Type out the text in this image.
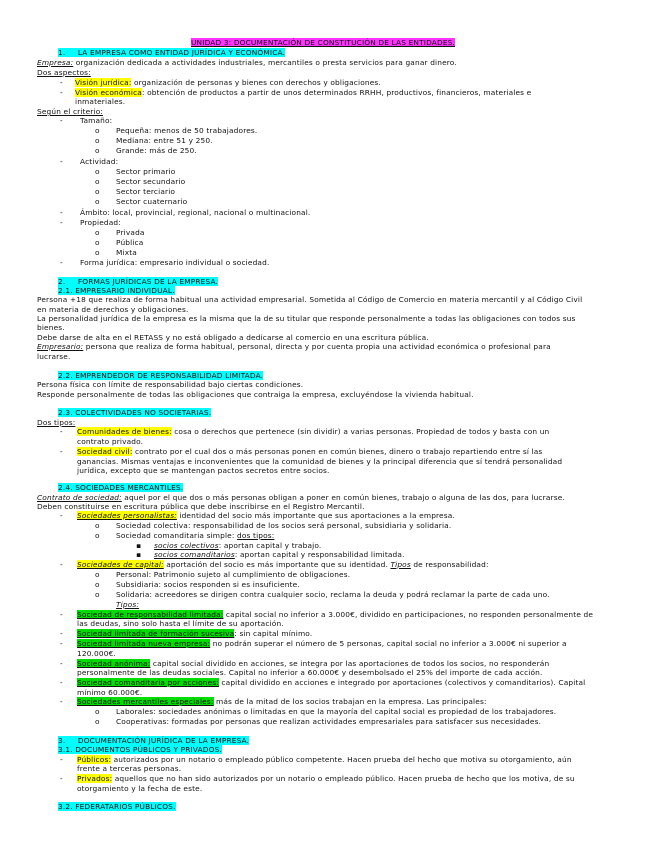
UNIDAD 3: DOCUMENTACIÓN DE CONSTITUCIÓN DE LAS ENTIDADES.
1. LA EMPRESA COMO ENTIDAD JURÍDICA Y ECONÓMICA.
Empresa: organización dedicada a actividades industriales, mercantiles o presta servicios para ganar dinero.
Dos aspectos:
- Visión jurídica: organización de personas y bienes con derechos y obligaciones.
- Visión económica: obtención de productos a partir de unos determinados RRHH, productivos, financieros, materiales e
inmateriales.
Según el criterio:
- Tamaño:
o Pequeña: menos de 50 trabajadores.
o Mediana: entre 51 y 250.
o Grande: más de 250.
- Actividad:
o Sector primario
o Sector secundario
o Sector terciario
o Sector cuaternario
- Ámbito: local, provincial, regional, nacional o multinacional.
- Propiedad:
o Privada
o Pública
o Mixta
- Forma jurídica: empresario individual o sociedad.
2. FORMAS JURÍDICAS DE LA EMPRESA.
2.1. EMPRESARIO INDIVIDUAL.
Persona +18 que realiza de forma habitual una actividad empresarial. Sometida al Código de Comercio en materia mercantil y al Código Civil
en materia de derechos y obligaciones.
La personalidad jurídica de la empresa es la misma que la de su titular que responde personalmente a todas las obligaciones con todos sus
bienes.
Debe darse de alta en el RETASS y no está obligado a dedicarse al comercio en una escritura pública.
Empresario: persona que realiza de forma habitual, personal, directa y por cuenta propia una actividad económica o profesional para
lucrarse.
2.2. EMPRENDEDOR DE RESPONSABILIDAD LIMITADA.
Persona física con límite de responsabilidad bajo ciertas condiciones.
Responde personalmente de todas las obligaciones que contraiga la empresa, excluyéndose la vivienda habitual.
2.3. COLECTIVIDADES NO SOCIETARIAS.
Dos tipos:
- Comunidades de bienes: cosa o derechos que pertenece (sin dividir) a varias personas. Propiedad de todos y basta con un
contrato privado.
- Sociedad civil: contrato por el cual dos o más personas ponen en común bienes, dinero o trabajo repartiendo entre sí las
ganancias. Mismas ventajas e inconvenientes que la comunidad de bienes y la principal diferencia que sí tendrá personalidad
jurídica, excepto que se mantengan pactos secretos entre socios.
2.4. SOCIEDADES MERCANTILES.
Contrato de sociedad: aquel por el que dos o más personas obligan a poner en común bienes, trabajo o alguna de las dos, para lucrarse.
Deben constituirse en escritura pública que debe inscribirse en el Registro Mercantil.
- Sociedades personalistas: identidad del socio más importante que sus aportaciones a la empresa.
o Sociedad colectiva: responsabilidad de los socios será personal, subsidiaria y solidaria.
o Sociedad comanditaria simple: dos tipos:
▪ socios colectivos: aportan capital y trabajo.
▪ socios comanditarios: aportan capital y responsabilidad limitada.
- Sociedades de capital: aportación del socio es más importante que su identidad. Tipos de responsabilidad:
o Personal: Patrimonio sujeto al cumplimiento de obligaciones.
o Subsidiaria: socios responden si es insuficiente.
o Solidaria: acreedores se dirigen contra cualquier socio, reclama la deuda y podrá reclamar la parte de cada uno.
Tipos:
- Sociedad de responsabilidad limitada: capital social no inferior a 3.000€, dividido en participaciones, no responden personalmente de
las deudas, sino solo hasta el límite de su aportación.
- Sociedad limitada de formación sucesiva: sin capital mínimo.
- Sociedad limitada nueva empresa: no podrán superar el número de 5 personas, capital social no inferior a 3.000€ ni superior a
120.000€.
- Sociedad anónima: capital social dividido en acciones, se integra por las aportaciones de todos los socios, no responderán
personalmente de las deudas sociales. Capital no inferior a 60.000€ y desembolsado el 25% del importe de cada acción.
- Sociedad comanditaria por acciones: capital dividido en acciones e integrado por aportaciones (colectivos y comanditarios). Capital
mínimo 60.000€.
- Sociedades mercantiles especiales: más de la mitad de los socios trabajan en la empresa. Las principales:
o Laborales: sociedades anónimas o limitadas en que la mayoría del capital social es propiedad de los trabajadores.
o Cooperativas: formadas por personas que realizan actividades empresariales para satisfacer sus necesidades.
3. DOCUMENTACIÓN JURÍDICA DE LA EMPRESA.
3.1. DOCUMENTOS PÚBLICOS Y PRIVADOS.
- Públicos: autorizados por un notario o empleado público competente. Hacen prueba del hecho que motiva su otorgamiento, aún
frente a terceras personas.
- Privados: aquellos que no han sido autorizados por un notario o empleado público. Hacen prueba de hecho que los motiva, de su
otorgamiento y la fecha de este.
3.2. FEDERATARIOS PÚBLICOS.
